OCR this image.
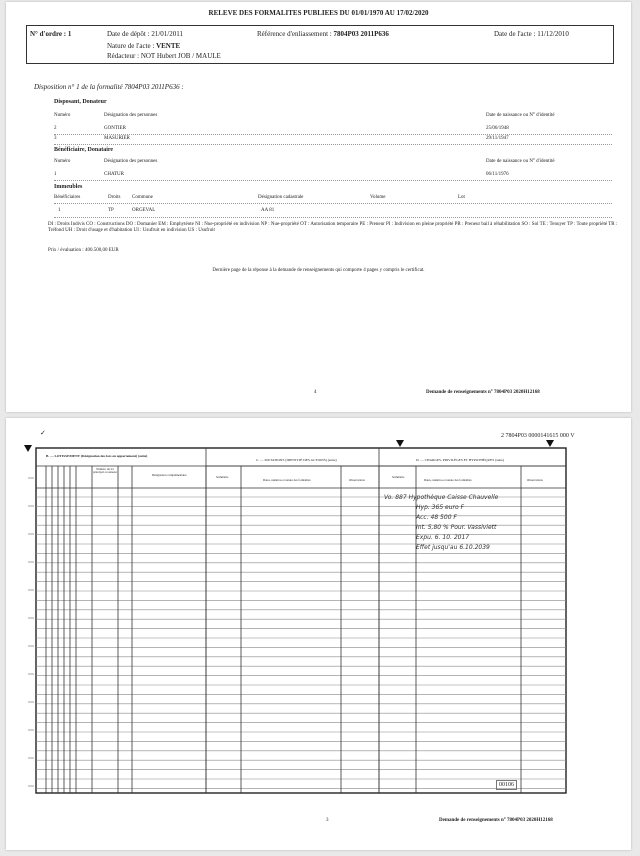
RELEVE DES FORMALITES PUBLIEES DU 01/01/1970 AU 17/02/2020
N° d'ordre : 1	Date de dépôt : 21/01/2011	Référence d'enliassement : 7804P03 2011P636	Date de l'acte : 11/12/2010
Nature de l'acte : VENTE
Rédacteur : NOT Hubert JOB / MAULE
Disposition n° 1 de la formalité 7804P03 2011P636 :
Disposant, Donateur
Numéro	Désignation des personnes	Date de naissance ou N° d'identité
2	GONTIER	25/06/1948
3	MASURIER	29/11/1947
Bénéficiaire, Donataire
Numéro	Désignation des personnes	Date de naissance ou N° d'identité
1	CHATUR	06/11/1976
Immeubles
Bénéficiaires	Droits Commune	Désignation cadastrale	Volume	Lot
1	TP	ORGEVAL	AA 81
DI : Droits Indivis CO : Constructions DO : Domanier EM : Emphytéote NI : Nue-propriété en indivision NP : Nue-propriété OT : Autorisation temporaire PE : Preneur PI : Indivision en pleine propriété PR : Preneur bail à réhabilitation SO : Sol TE : Tenuyer TP : Toute propriété TR : Tréfond UH : Droit d'usage et d'habitation UI : Usufruit en indivision US : Usufruit
Prix / évaluation : 400.500,00 EUR
Dernière page de la réponse à la demande de renseignements qui comporte 4 pages y compris le certificat.
4	Demande de renseignements n° 7804P03 2020H12168
2 7804P03 0000141615 000 V
✓
B. — LOTISSEMENT (Désignation des lots en appartement) (suite)
C. — MUTATIONS (IDENTITÉ DES ACTIONS) (suite)	D. — CHARGES, PRIVILÈGES ET HYPOTHÈQUES (suite)
Numéro du lot principal ou annexe
Désignation complémentaire	Sommaire
Dates, numéros et nature des formalités	Observations
Sommaire
Dates, numéros et nature des formalités	Observations
Vo. 887 Hypothèque Caisse Chauvelle
Hyp. 365 euro F
Acc. 48 500 F
Int. 5,80 % Pour. Vassiviett
Expu. 6. 10. 2017
Effet jusqu'au 6.10.2039
00106
3	Demande de renseignements n° 7804P03 2020H12168
